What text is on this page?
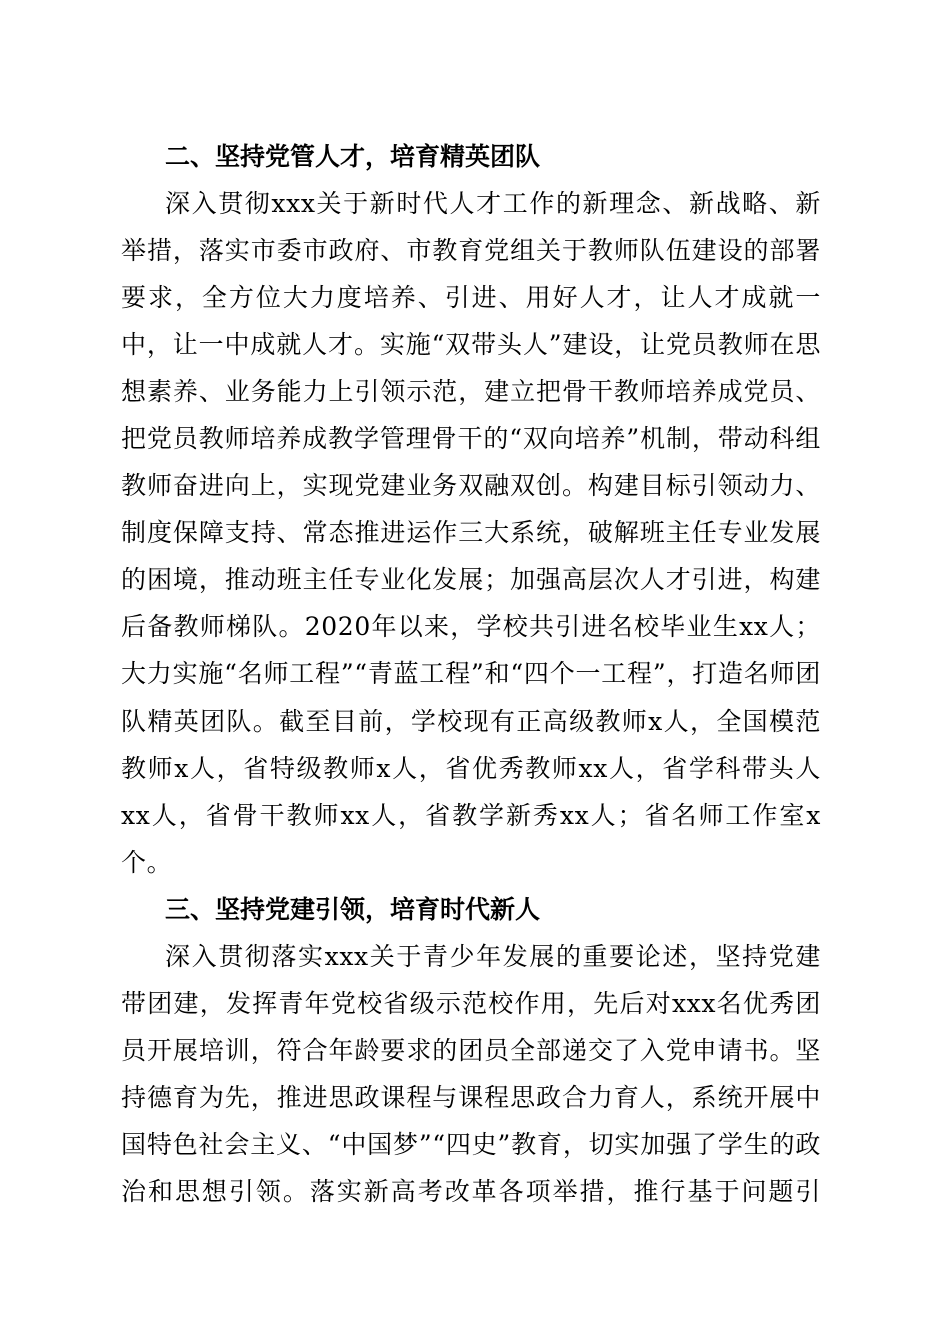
二、坚持党管人才，培育精英团队

深入贯彻xxx关于新时代人才工作的新理念、新战略、新举措，落实市委市政府、市教育党组关于教师队伍建设的部署要求，全方位大力度培养、引进、用好人才，让人才成就一中，让一中成就人才。实施“双带头人”建设，让党员教师在思想素养、业务能力上引领示范，建立把骨干教师培养成党员、把党员教师培养成教学管理骨干的“双向培养”机制，带动科组教师奋进向上，实现党建业务双融双创。构建目标引领动力、制度保障支持、常态推进运作三大系统，破解班主任专业发展的困境，推动班主任专业化发展；加强高层次人才引进，构建后备教师梯队。2020年以来，学校共引进名校毕业生xx人；大力实施“名师工程”“青蓝工程”和“四个一工程”，打造名师团队精英团队。截至目前，学校现有正高级教师x人，全国模范教师x人，省特级教师x人，省优秀教师xx人，省学科带头人xx人，省骨干教师xx人，省教学新秀xx人；省名师工作室x个。

三、坚持党建引领，培育时代新人

深入贯彻落实xxx关于青少年发展的重要论述，坚持党建带团建，发挥青年党校省级示范校作用，先后对xxx名优秀团员开展培训，符合年龄要求的团员全部递交了入党申请书。坚持德育为先，推进思政课程与课程思政合力育人，系统开展中国特色社会主义、“中国梦”“四史”教育，切实加强了学生的政治和思想引领。落实新高考改革各项举措，推行基于问题引
